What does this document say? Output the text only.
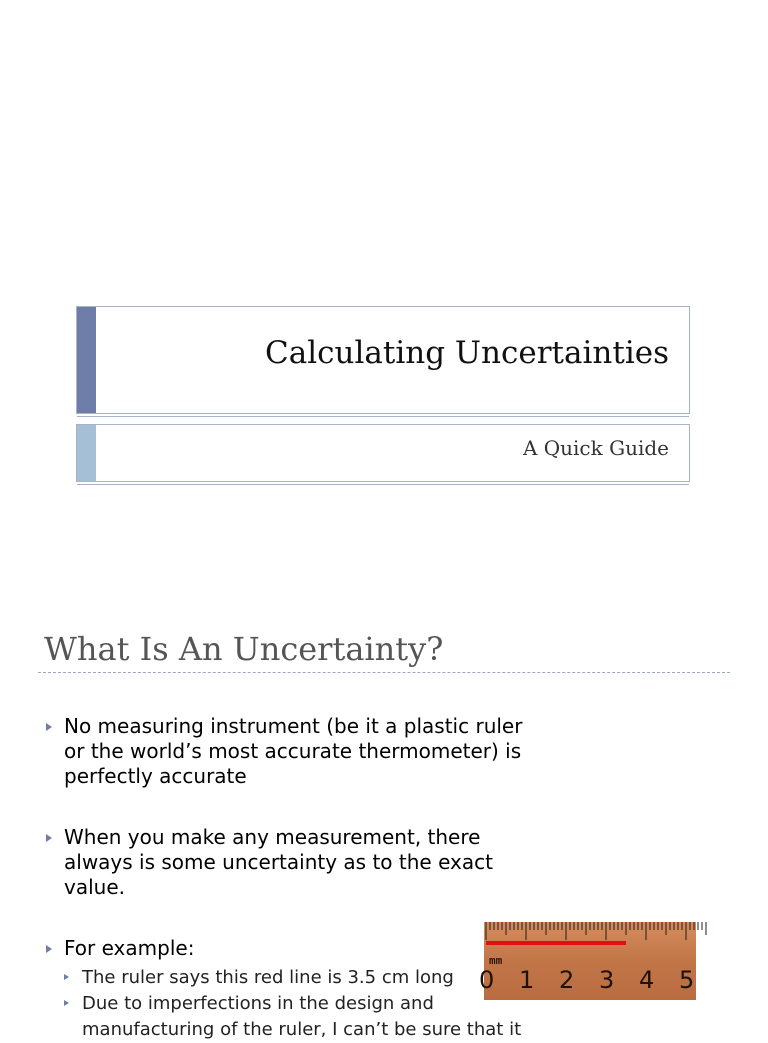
Calculating Uncertainties
A Quick Guide
What Is An Uncertainty?
No measuring instrument (be it a plastic ruler or the world’s most accurate thermometer) is perfectly accurate
When you make any measurement, there always is some uncertainty as to the exact value.
For example:
The ruler says this red line is 3.5 cm long
Due to imperfections in the design and manufacturing of the ruler, I can’t be sure that it
mm
0 1 2 3 4 5
